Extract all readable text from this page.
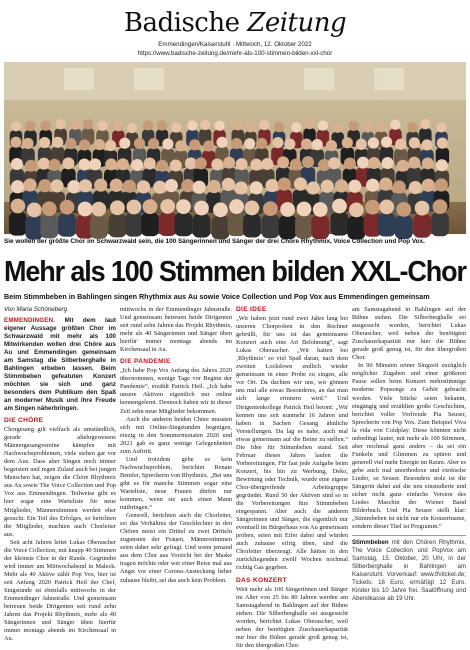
Badische Zeitung
Emmendingen/Kaiserstuhl · Mittwoch, 12. Oktober 2022
https://www.badische-zeitung.de/mehr-als-100-stimmen-bilden-xxl-chor
Sie wollen der größte Chor im Schwarzwald sein, die 100 Sängerinnen und Sänger der drei Chöre Rhythmix, Voice Collection und Pop Vox.
Mehr als 100 Stimmen bilden XXL-Chor
Beim Stimmbeben in Bahlingen singen Rhythmix aus Au sowie Voice Collection und Pop Vox aus Emmendingen gemeinsam
Von Maria Schöneberg

EMMENDINGEN. Mit dem laut eigener Aussage größten Chor im Schwarzwald mit mehr als 100 Mitwirkenden wollen drei Chöre aus Au und Emmendingen gemeinsam am Samstag die Silberberghalle in Bahlingen erbeben lassen. Beim Stimmbeben gefeatuten Konzert möchten sie sich und ganz besonders dem Publikum den Spaß an moderner Musik und ihre Freude am Singen näherbringen.

DIE CHÖRE

Chorgesang gilt vielfach als umständlich, gerade altehrgewesene Männergesangvereine kämpfen mit Nachwuchsproblemen, viele stehen gar vor dem Aus. Dass aber Singen noch immer begeistert und regen Zulauf auch bei jungen Menschen hat, zeigen die Chöre Rhythmix aus Au sowie The Voice Collection und Pop Vox aus Emmendingen. Teilweise gibt es hier sogar eine Warteliste für neue Mitglieder, Männerstimmen werden eher gesucht. Ein Teil des Erfolges, so berichten die Mitglieder, machten auch Chorleiter aus.

Seit acht Jahren leitet Lukas Oberascher die Voice Collection, mit knapp 40 Stimmen der kleinste Chor in der Runde. Gegründet wird immer am Mittwochabend in Maleck. Mehr als 40 Aktive zählt Pop Vox, hier ist seit Anfang 2020 Patrick Heil der Chef, Singstunde ist ebenfalls mittwochs in der Emmendinger Jahnstraße. Und gemeinsam betreuen beide Dirigenten seit rund zehn Jahren das Projekt Rhythmix, mehr als 40 Sängerinnen und Sänger üben hierfür immer montags abends im Kirchensaal in Au.

mittwochs in der Emmendinger Jahnstraße. Und gemeinsam betreuen beide Dirigenten seit rund zehn Jahren das Projekt Rhythmix, mehr als 40 Sängerinnen und Sänger üben hierfür immer montags abends im Kirchensaal in Au.

DIE PANDEMIE

„Ich habe Pop Vox Anfang des Jahres 2020 übernommen, wenige Tage vor Beginn der Pandemie“, erzählt Patrick Heil. „Ich habe unsere Aktiven eigentlich nur online kennengelernt. Dennoch haben wir in dieser Zeit zehn neue Mitglieder bekommen.

Auch die anderen beiden Chöre mussten sich mit Online-Singstunden begnügen, einzig in den Sommermonaten 2020 und 2021 gab es ganz wenige Gelegenheiten zum Auftritt.

Und trotzdem gebe es kein Nachwuchsproblem, berichtet Renate Benifer, Sprecherin von Rhythmix. „Bei uns gibt es für manche Stimmen sogar eine Warteliste, neue Frauen dürfen nur kommen, wenn sie auch einen Mann mitbringen.“

Generell, berichten auch die Chorleiter, sei das Verhältnis der Geschlechter in den Chören meist ein Drittel zu zwei Dritteln zugunsten der Frauen, Männerstimmen seien daher sehr gefragt. Und wenn jemand aus dem Chor aus Vorsicht bei der Maske tragen möchte oder wer einer Reise mal aus Angst vor einer Corona-Ansteckung lieber zuhause bleibt, sei das auch kein Problem.

DIE IDEE

„Wir haben jetzt rund zwei Jahre lang bei unseren Chorproben in den Rechner gebrüllt, für uns ist das gemeinsame Konzert auch eine Art Belohnung“, sagt Lukas Oberascher. „Wir hatten bei ‚Rhythmix‘ so viel Spaß daran, nach dem zweiten Lockdown endlich wieder gemeinsam in einer Probe zu singen, alle vor Ort. Da dachten wir uns, wir gönnen uns mal alle etwas Besonderes, an das man sich lange erinnern wird.“ Und Dirigentenkollege Patrick Heil betont: „Wir kennen uns seit nunmehr 16 Jahren und haben in Sachen Gesang ähnliche Vorstellungen. Da lag es nahe, auch mal etwas gemeinsam auf die Beine zu stellen.“ Die Idee für Stimmbeben stand. Seit Februar dieses Jahres laufen die Vorbereitungen. Für fast jede Aufgabe beim Konzert, bis hin zu Werbung, Deko, Bewirtung oder Technik, wurde eine eigene Chor-übergreifende Arbeitsgruppe gegründet. Rund 50 der Aktiven sind so in die Vorbereitungen fürs Stimmbeben eingespannt. Aber auch die anderen Sängerinnen und Sänger, die eigentlich nur eventuell im Bürgerhaus von Au gemeinsam proben, seien mit Eifer dabei und würden auch zuhause eifrig üben, sind die Chorleiter überzeugt. Alle hätten in den zurückliegenden zwölf Wochen nochmal richtig Gas gegeben.

DAS KONZERT

Weit mehr als 100 Sängerinnen und Sänger im Alter von 25 bis 80 Jahren werden am Samstagabend in Bahlingen auf der Bühne stehen. Die Silberberghalle sei ausgesucht worden, berichtet Lukas Oberascher, weil neben der benötigten Zuschauerkapazität nur hier die Bühne gerade groß genug ist, für den übergroßen Chor.

am Samstagabend in Bahlingen auf der Bühne stehen. Die Silberberghalle sei ausgesucht worden, berichtet Lukas Oberascher, weil neben der benötigten Zuschauerkapazität nur hier die Bühne gerade groß genug ist, für den übergroßen Chor.

In 90 Minuten reiner Singzeit zuzüglich möglicher Zugaben und einer größeren Pause sollen beim Konzert mehrstimmige moderne Popsongs zu Gehör gebracht werden. Viele Stücke seien bekannt, eingängig und erzählten große Geschichten, berichtet voller Vorfreude Pia Seuser, Sprecherin von Pop Vox. Zum Beispiel Viva la vida von Coldplay. Diese könnten nicht unbedingt lauter, mit mehr als 100 Stimmen, aber nochmal ganz anders – da sei ein Funkeln und Glimmen zu spüren und generell viel mehr Energie im Raum. Aber es gebe auch mal unorthodoxe und exotische Lieder, so Seuser. Besonders stolz ist die Sängerin dabei auf die neu einstudierte und sicher nicht ganz einfache Version des Liedes Maschin der Wiener Band Bilderbuch. Und Pia Seuser stellt klar: „Stimmbeben ist nicht nur ein Konzertname, sondern dieser Titel ist Programm.“

Stimmbeben mit den Chören Rhythmix, The Voice Collection und PopVox am Samstag, 15. Oktober, 20 Uhr, in der Silberberghalle in Bahlingen am Kaiserstuhl. Vorverkauf: www.tfvticket.de; Tickets: 16 Euro, ermäßigt 12 Euro. Kinder bis 10 Jahre frei. Saalöffnung und Abendkasse ab 19 Uhr.
